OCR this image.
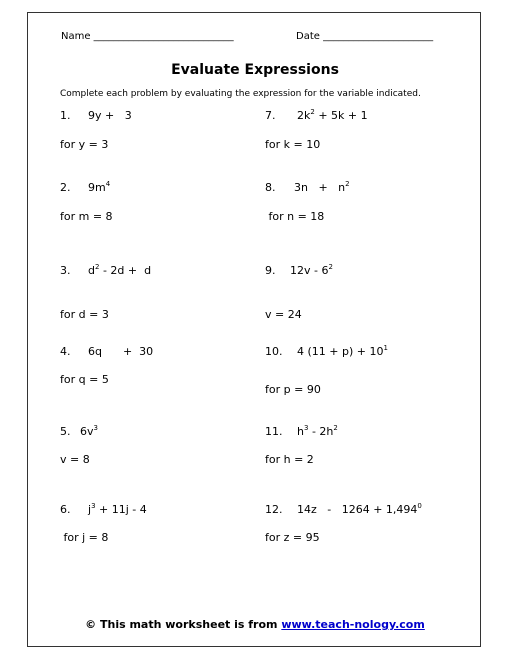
Name ____________________________	Date ______________________
Evaluate Expressions
Complete each problem by evaluating the expression for the variable indicated.
1. 9y +   3
for y = 3
2. $9m^4$
for m = 8
3. $d^2 - 2d + d$
for d = 3
4. 6q      +  30
for q = 5
5. $6v^3$
v = 8
6. $j^3 + 11j - 4$
for j = 8
7. $2k^2 + 5k + 1$
for k = 10
8. $3n + n^2$
for n = 18
9. $12v - 6^2$
v = 24
10. 4 $(11 + p) + 10^1$
for p = 90
11. $h^3 - 2h^2$
for h = 2
12. $14z - 1264 + 1,494^0$
for z = 95
© This math worksheet is from www.teach-nology.com
